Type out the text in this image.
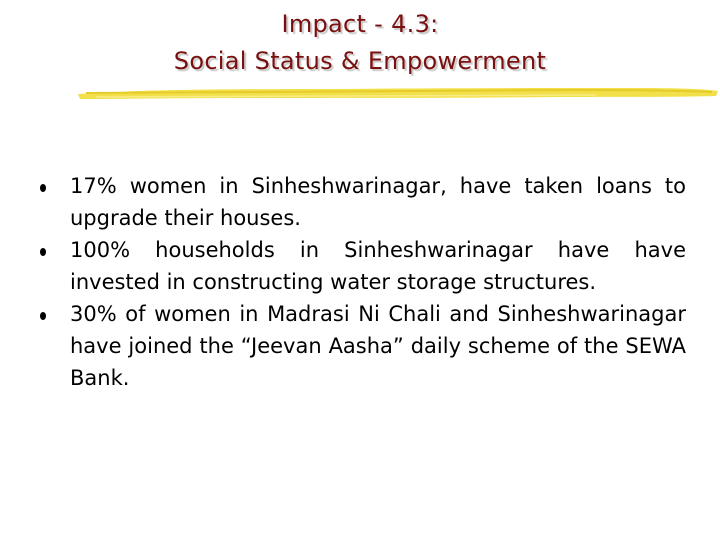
Impact - 4.3:
Social Status & Empowerment
17% women in Sinheshwarinagar, have taken loans to upgrade their houses.
100% households in Sinheshwarinagar have have invested in constructing water storage structures.
30% of women in Madrasi Ni Chali and Sinheshwarinagar have joined the “Jeevan Aasha” daily scheme of the SEWA Bank.
